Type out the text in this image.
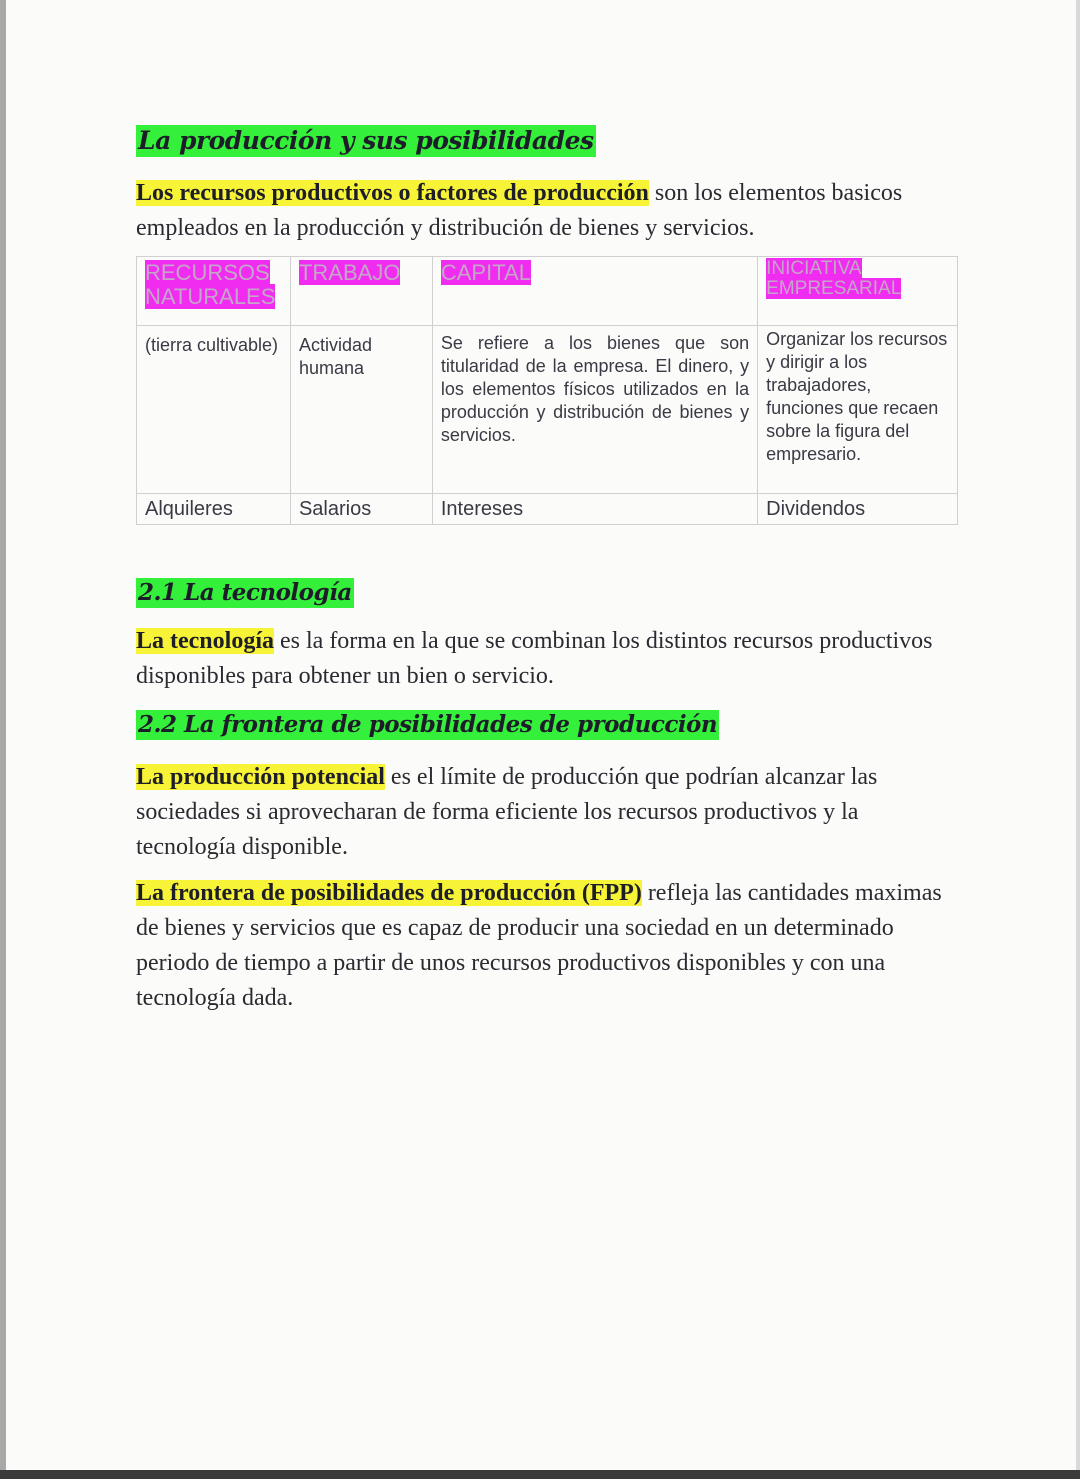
La producción y sus posibilidades

Los recursos productivos o factores de producción son los elementos basicos empleados en la producción y distribución de bienes y servicios.

RECURSOS NATURALES	TRABAJO	CAPITAL	INICIATIVA EMPRESARIAL
(tierra cultivable)	Actividad humana	Se refiere a los bienes que son titularidad de la empresa. El dinero, y los elementos físicos utilizados en la producción y distribución de bienes y servicios.	Organizar los recursos y dirigir a los trabajadores, funciones que recaen sobre la figura del empresario.
Alquileres	Salarios	Intereses	Dividendos
2.1 La tecnología

La tecnología es la forma en la que se combinan los distintos recursos productivos disponibles para obtener un bien o servicio.

2.2 La frontera de posibilidades de producción

La producción potencial es el límite de producción que podrían alcanzar las sociedades si aprovecharan de forma eficiente los recursos productivos y la tecnología disponible.

La frontera de posibilidades de producción (FPP) refleja las cantidades maximas de bienes y servicios que es capaz de producir una sociedad en un determinado periodo de tiempo a partir de unos recursos productivos disponibles y con una tecnología dada.
